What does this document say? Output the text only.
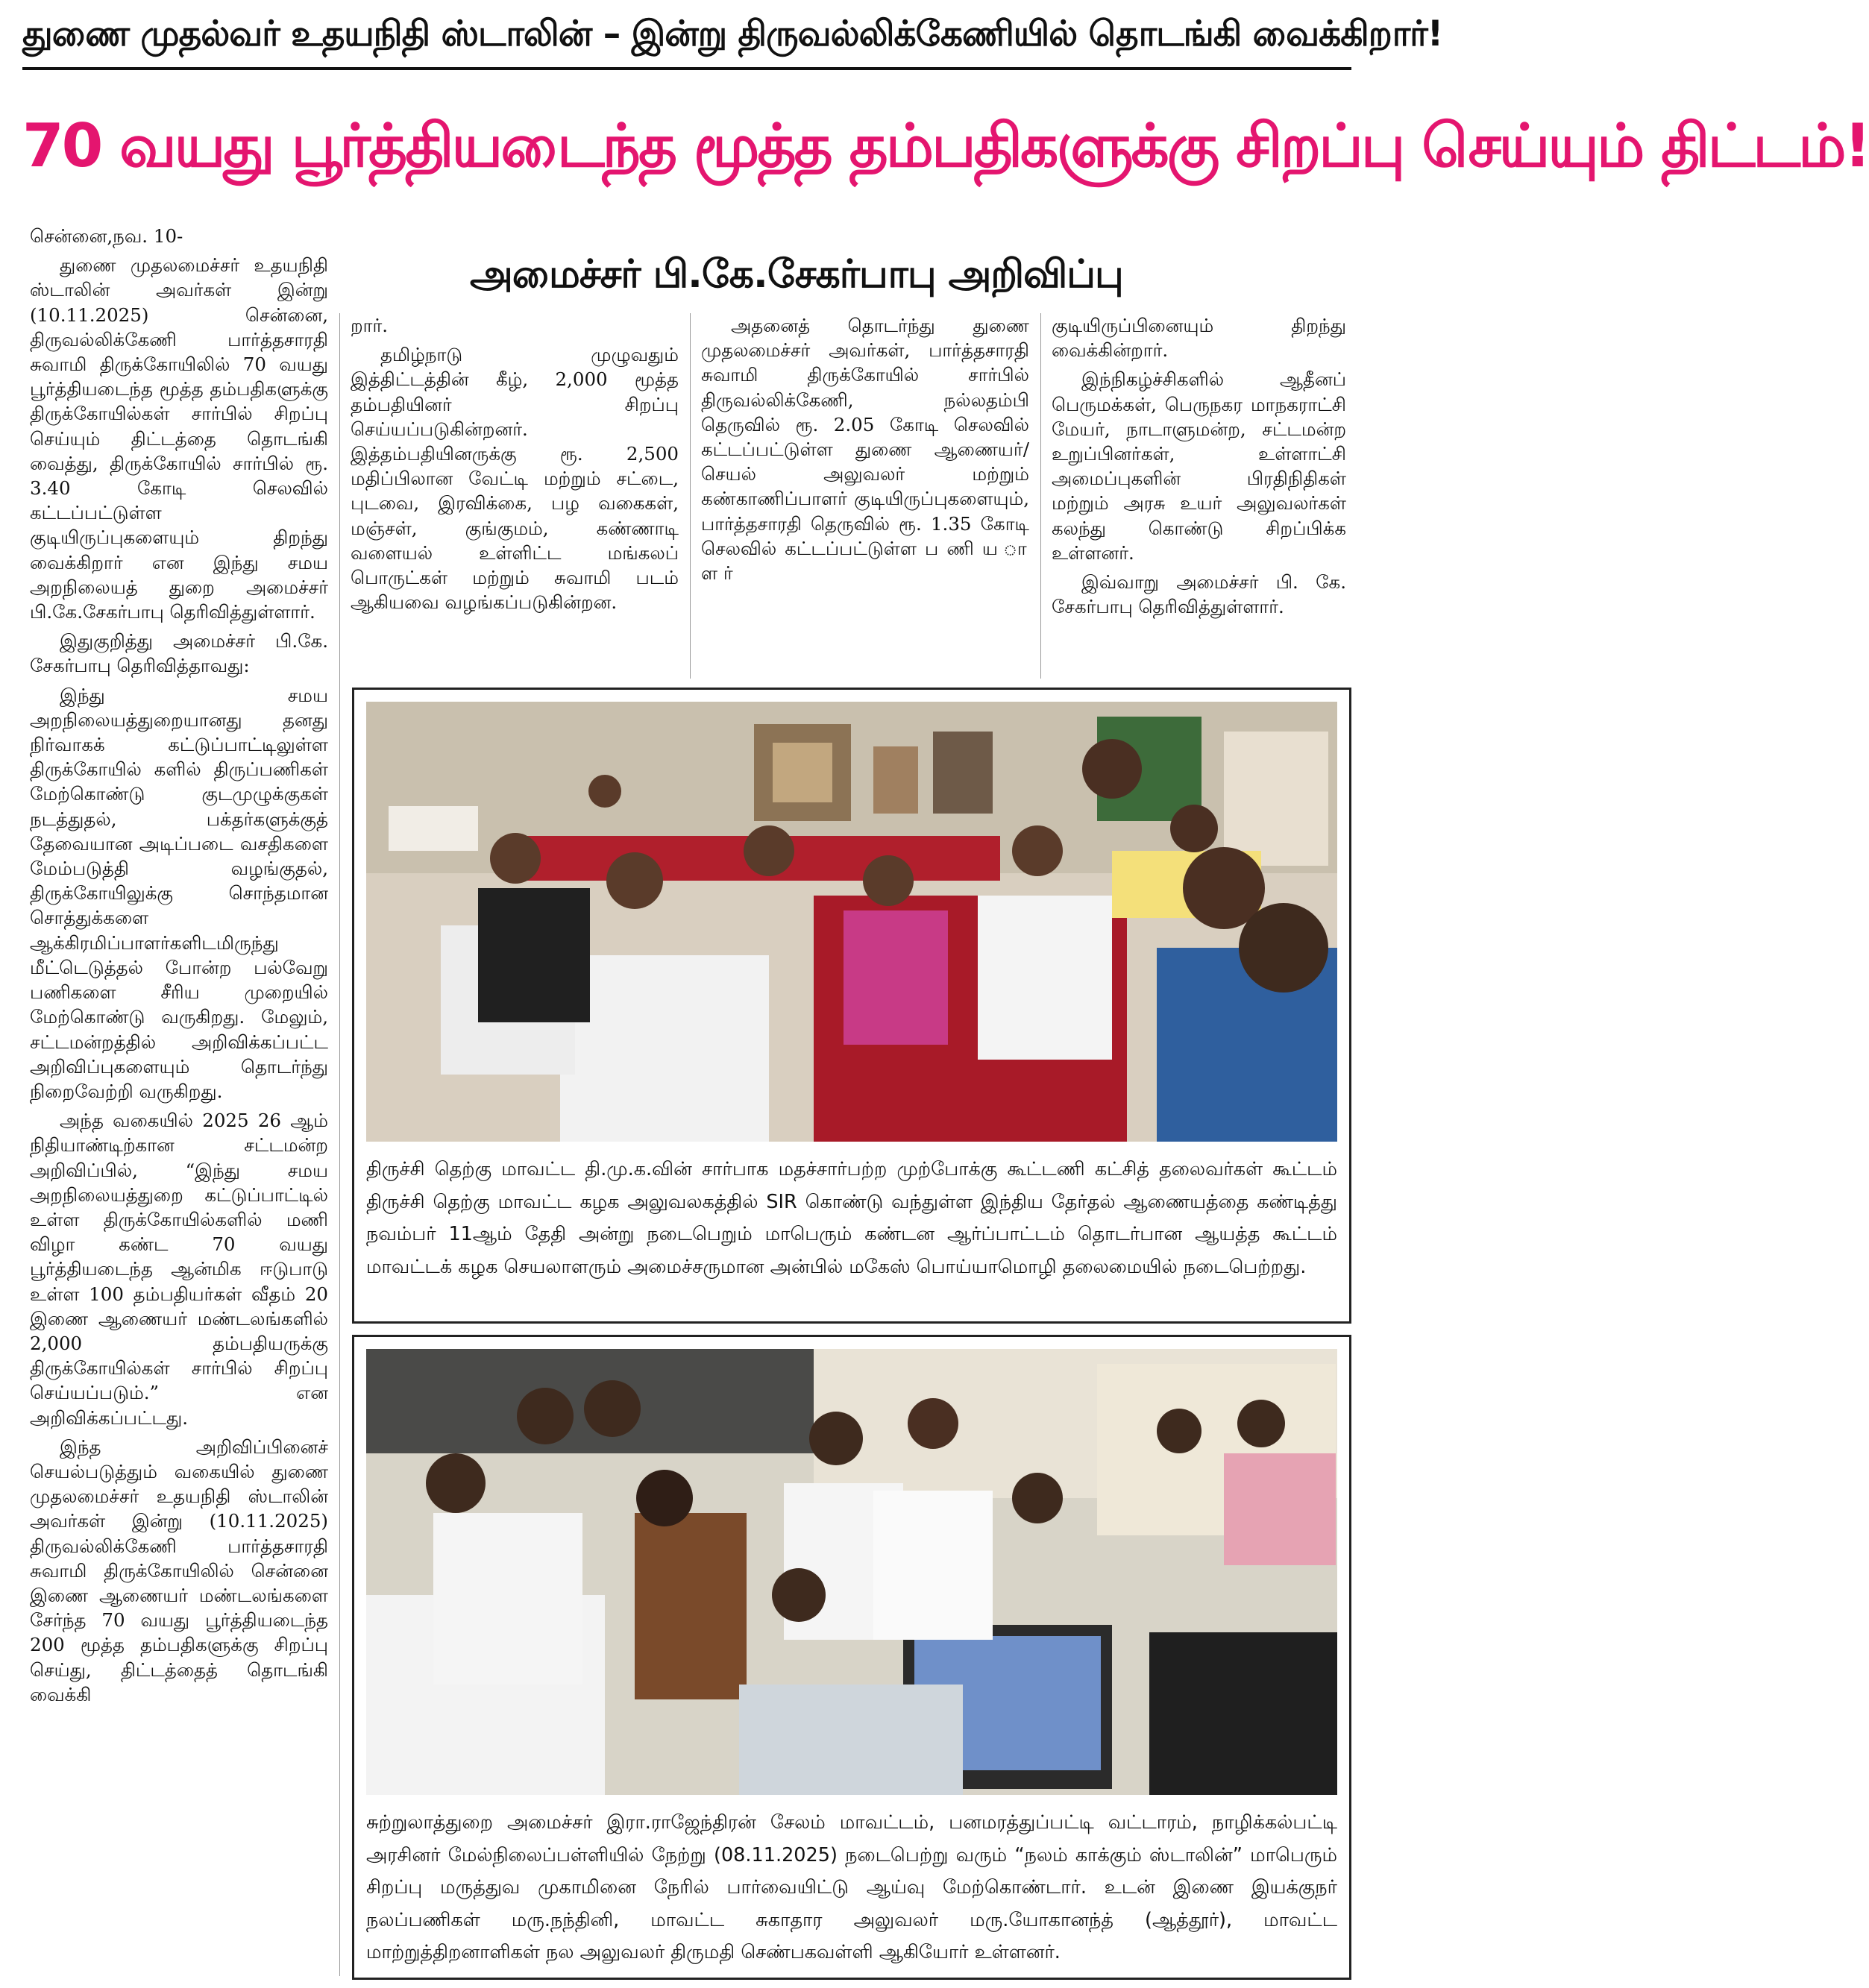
துணை முதல்வர் உதயநிதி ஸ்டாலின் – இன்று திருவல்லிக்கேணியில் தொடங்கி வைக்கிறார்!
70 வயது பூர்த்தியடைந்த மூத்த தம்பதிகளுக்கு சிறப்பு செய்யும் திட்டம்!
அமைச்சர் பி.கே.சேகர்பாபு அறிவிப்பு

சென்னை,நவ. 10-

துணை முதலமைச்சர் உதயநிதி ஸ்டாலின் அவர்கள் இன்று (10.11.2025) சென்னை, திருவல்லிக்கேணி பார்த்தசாரதி சுவாமி திருக்கோயிலில் 70 வயது பூர்த்தியடைந்த மூத்த தம்பதிகளுக்கு திருக்கோயில்கள் சார்பில் சிறப்பு செய்யும் திட்டத்தை தொடங்கி வைத்து, திருக்கோயில் சார்பில் ரூ. 3.40 கோடி செலவில் கட்டப்பட்டுள்ள குடியிருப்புகளையும் திறந்து வைக்கிறார் என இந்து சமய அறநிலையத் துறை அமைச்சர் பி.கே.சேகர்பாபு தெரிவித்துள்ளார்.

இதுகுறித்து அமைச்சர் பி.கே. சேகர்பாபு தெரிவித்தாவது:

இந்து சமய அறநிலையத்துறையானது தனது நிர்வாகக் கட்டுப்பாட்டிலுள்ள திருக்கோயில் களில் திருப்பணிகள் மேற்கொண்டு குடமுழுக்குகள் நடத்துதல், பக்தர்களுக்குத் தேவையான அடிப்படை வசதிகளை மேம்படுத்தி வழங்குதல், திருக்கோயிலுக்கு சொந்தமான சொத்துக்களை ஆக்கிரமிப்பாளர்களிடமிருந்து மீட்டெடுத்தல் போன்ற பல்வேறு பணிகளை சீரிய முறையில் மேற்கொண்டு வருகிறது. மேலும், சட்டமன்றத்தில் அறிவிக்கப்பட்ட அறிவிப்புகளையும் தொடர்ந்து நிறைவேற்றி வருகிறது.

அந்த வகையில் 2025 26 ஆம் நிதியாண்டிற்கான சட்டமன்ற அறிவிப்பில், “இந்து சமய அறநிலையத்துறை கட்டுப்பாட்டில் உள்ள திருக்கோயில்களில் மணி விழா கண்ட 70 வயது பூர்த்தியடைந்த ஆன்மிக ஈடுபாடு உள்ள 100 தம்பதியர்கள் வீதம் 20 இணை ஆணையர் மண்டலங்களில் 2,000 தம்பதியருக்கு திருக்கோயில்கள் சார்பில் சிறப்பு செய்யப்படும்.” என அறிவிக்கப்பட்டது.

இந்த அறிவிப்பினைச் செயல்படுத்தும் வகையில் துணை முதலமைச்சர் உதயநிதி ஸ்டாலின் அவர்கள் இன்று (10.11.2025) திருவல்லிக்கேணி பார்த்தசாரதி சுவாமி திருக்கோயிலில் சென்னை இணை ஆணையர் மண்டலங்களை சேர்ந்த 70 வயது பூர்த்தியடைந்த 200 மூத்த தம்பதிகளுக்கு சிறப்பு செய்து, திட்டத்தைத் தொடங்கி வைக்கி

றார்.

தமிழ்நாடு முழுவதும் இத்திட்டத்தின் கீழ், 2,000 மூத்த தம்பதியினர் சிறப்பு செய்யப்படுகின்றனர். இத்தம்பதியினருக்கு ரூ. 2,500 மதிப்பிலான வேட்டி மற்றும் சட்டை, புடவை, இரவிக்கை, பழ வகைகள், மஞ்சள், குங்குமம், கண்ணாடி வளையல் உள்ளிட்ட மங்கலப் பொருட்கள் மற்றும் சுவாமி படம் ஆகியவை வழங்கப்படுகின்றன.

அதனைத் தொடர்ந்து துணை முதலமைச்சர் அவர்கள், பார்த்தசாரதி சுவாமி திருக்கோயில் சார்பில் திருவல்லிக்கேணி, நல்லதம்பி தெருவில் ரூ. 2.05 கோடி செலவில் கட்டப்பட்டுள்ள துணை ஆணையர்/செயல் அலுவலர் மற்றும் கண்காணிப்பாளர் குடியிருப்புகளையும், பார்த்தசாரதி தெருவில் ரூ. 1.35 கோடி செலவில் கட்டப்பட்டுள்ள ப ணி ய ா ள ர்

குடியிருப்பினையும் திறந்து வைக்கின்றார்.

இந்நிகழ்ச்சிகளில் ஆதீனப் பெருமக்கள், பெருநகர மாநகராட்சி மேயர், நாடாளுமன்ற, சட்டமன்ற உறுப்பினர்கள், உள்ளாட்சி அமைப்புகளின் பிரதிநிதிகள் மற்றும் அரசு உயர் அலுவலர்கள் கலந்து கொண்டு சிறப்பிக்க உள்ளனர்.

இவ்வாறு அமைச்சர் பி. கே. சேகர்பாபு தெரிவித்துள்ளார்.

திருச்சி தெற்கு மாவட்ட தி.மு.க.வின் சார்பாக மதச்சார்பற்ற முற்போக்கு கூட்டணி கட்சித் தலைவர்கள் கூட்டம் திருச்சி தெற்கு மாவட்ட கழக அலுவலகத்தில் SIR கொண்டு வந்துள்ள இந்திய தேர்தல் ஆணையத்தை கண்டித்து நவம்பர் 11ஆம் தேதி அன்று நடைபெறும் மாபெரும் கண்டன ஆர்ப்பாட்டம் தொடர்பான ஆயத்த கூட்டம் மாவட்டக் கழக செயலாளரும் அமைச்சருமான அன்பில் மகேஸ் பொய்யாமொழி தலைமையில் நடைபெற்றது.
சுற்றுலாத்துறை அமைச்சர் இரா.ராஜேந்திரன் சேலம் மாவட்டம், பனமரத்துப்பட்டி வட்டாரம், நாழிக்கல்பட்டி அரசினர் மேல்நிலைப்பள்ளியில் நேற்று (08.11.2025) நடைபெற்று வரும் “நலம் காக்கும் ஸ்டாலின்” மாபெரும் சிறப்பு மருத்துவ முகாமினை நேரில் பார்வையிட்டு ஆய்வு மேற்கொண்டார். உடன் இணை இயக்குநர் நலப்பணிகள் மரு.நந்தினி, மாவட்ட சுகாதார அலுவலர் மரு.யோகானந்த் (ஆத்தூர்), மாவட்ட மாற்றுத்திறனாளிகள் நல அலுவலர் திருமதி செண்பகவள்ளி ஆகியோர் உள்ளனர்.
